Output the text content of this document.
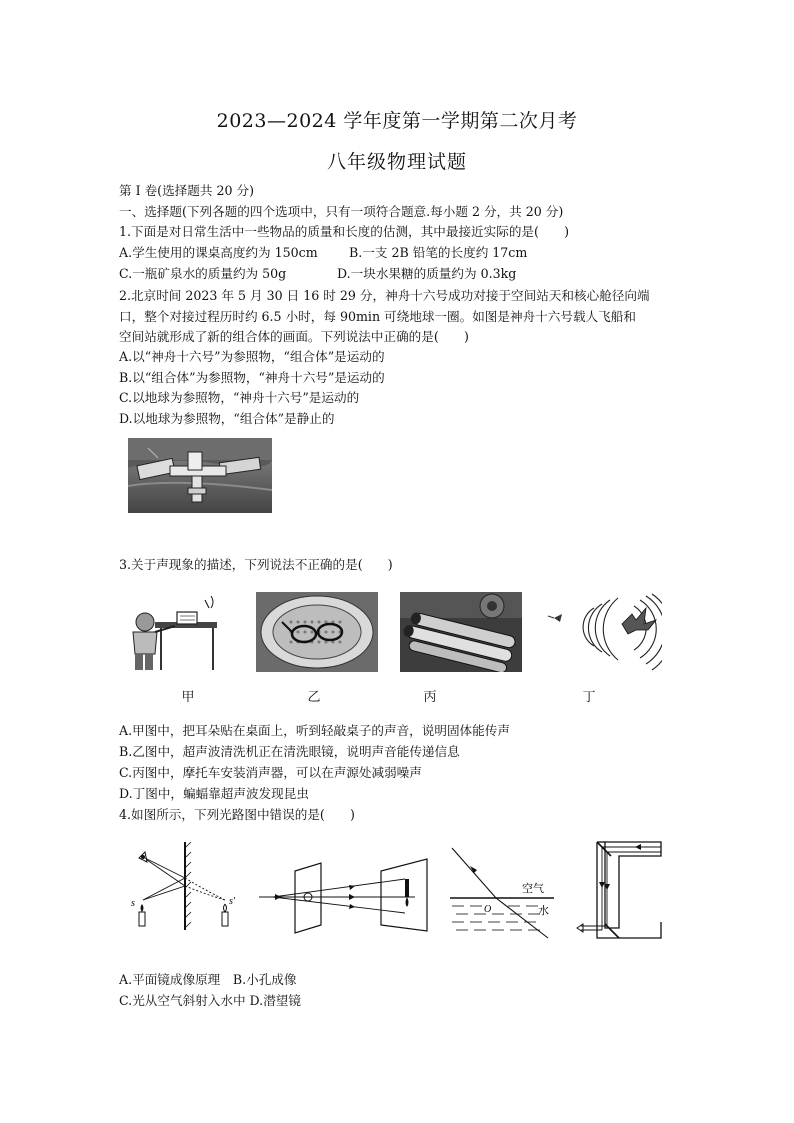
2023—2024 学年度第一学期第二次月考
八年级物理试题
第 I 卷(选择题共 20 分)
一、选择题(下列各题的四个选项中，只有一项符合题意.每小题 2 分，共 20 分)
1.下面是对日常生活中一些物品的质量和长度的估测，其中最接近实际的是(　　)
A.学生使用的课桌高度约为 150cm B.一支 2B 铅笔的长度约 17cm
C.一瓶矿泉水的质量约为 50g	D.一块水果糖的质量约为 0.3kg
2.北京时间 2023 年 5 月 30 日 16 时 29 分，神舟十六号成功对接于空间站天和核心舱径向端
口，整个对接过程历时约 6.5 小时，每 90min 可绕地球一圈。如图是神舟十六号载人飞船和
空间站就形成了新的组合体的画面。下列说法中正确的是(　　)
A.以“神舟十六号”为参照物，“组合体”是运动的
B.以“组合体”为参照物，“神舟十六号”是运动的
C.以地球为参照物，“神舟十六号”是运动的
D.以地球为参照物，“组合体”是静止的
3.关于声现象的描述，下列说法不正确的是(　　)
甲	乙	丙	丁
A.甲图中，把耳朵贴在桌面上，听到轻敲桌子的声音，说明固体能传声
B.乙图中，超声波清洗机正在清洗眼镜，说明声音能传递信息
C.丙图中，摩托车安装消声器，可以在声源处减弱噪声
D.丁图中，蝙蝠靠超声波发现昆虫
4.如图所示，下列光路图中错误的是(　　)
s	s'
空气
O	水
A.平面镜成像原理　B.小孔成像
C.光从空气斜射入水中 D.潜望镜
